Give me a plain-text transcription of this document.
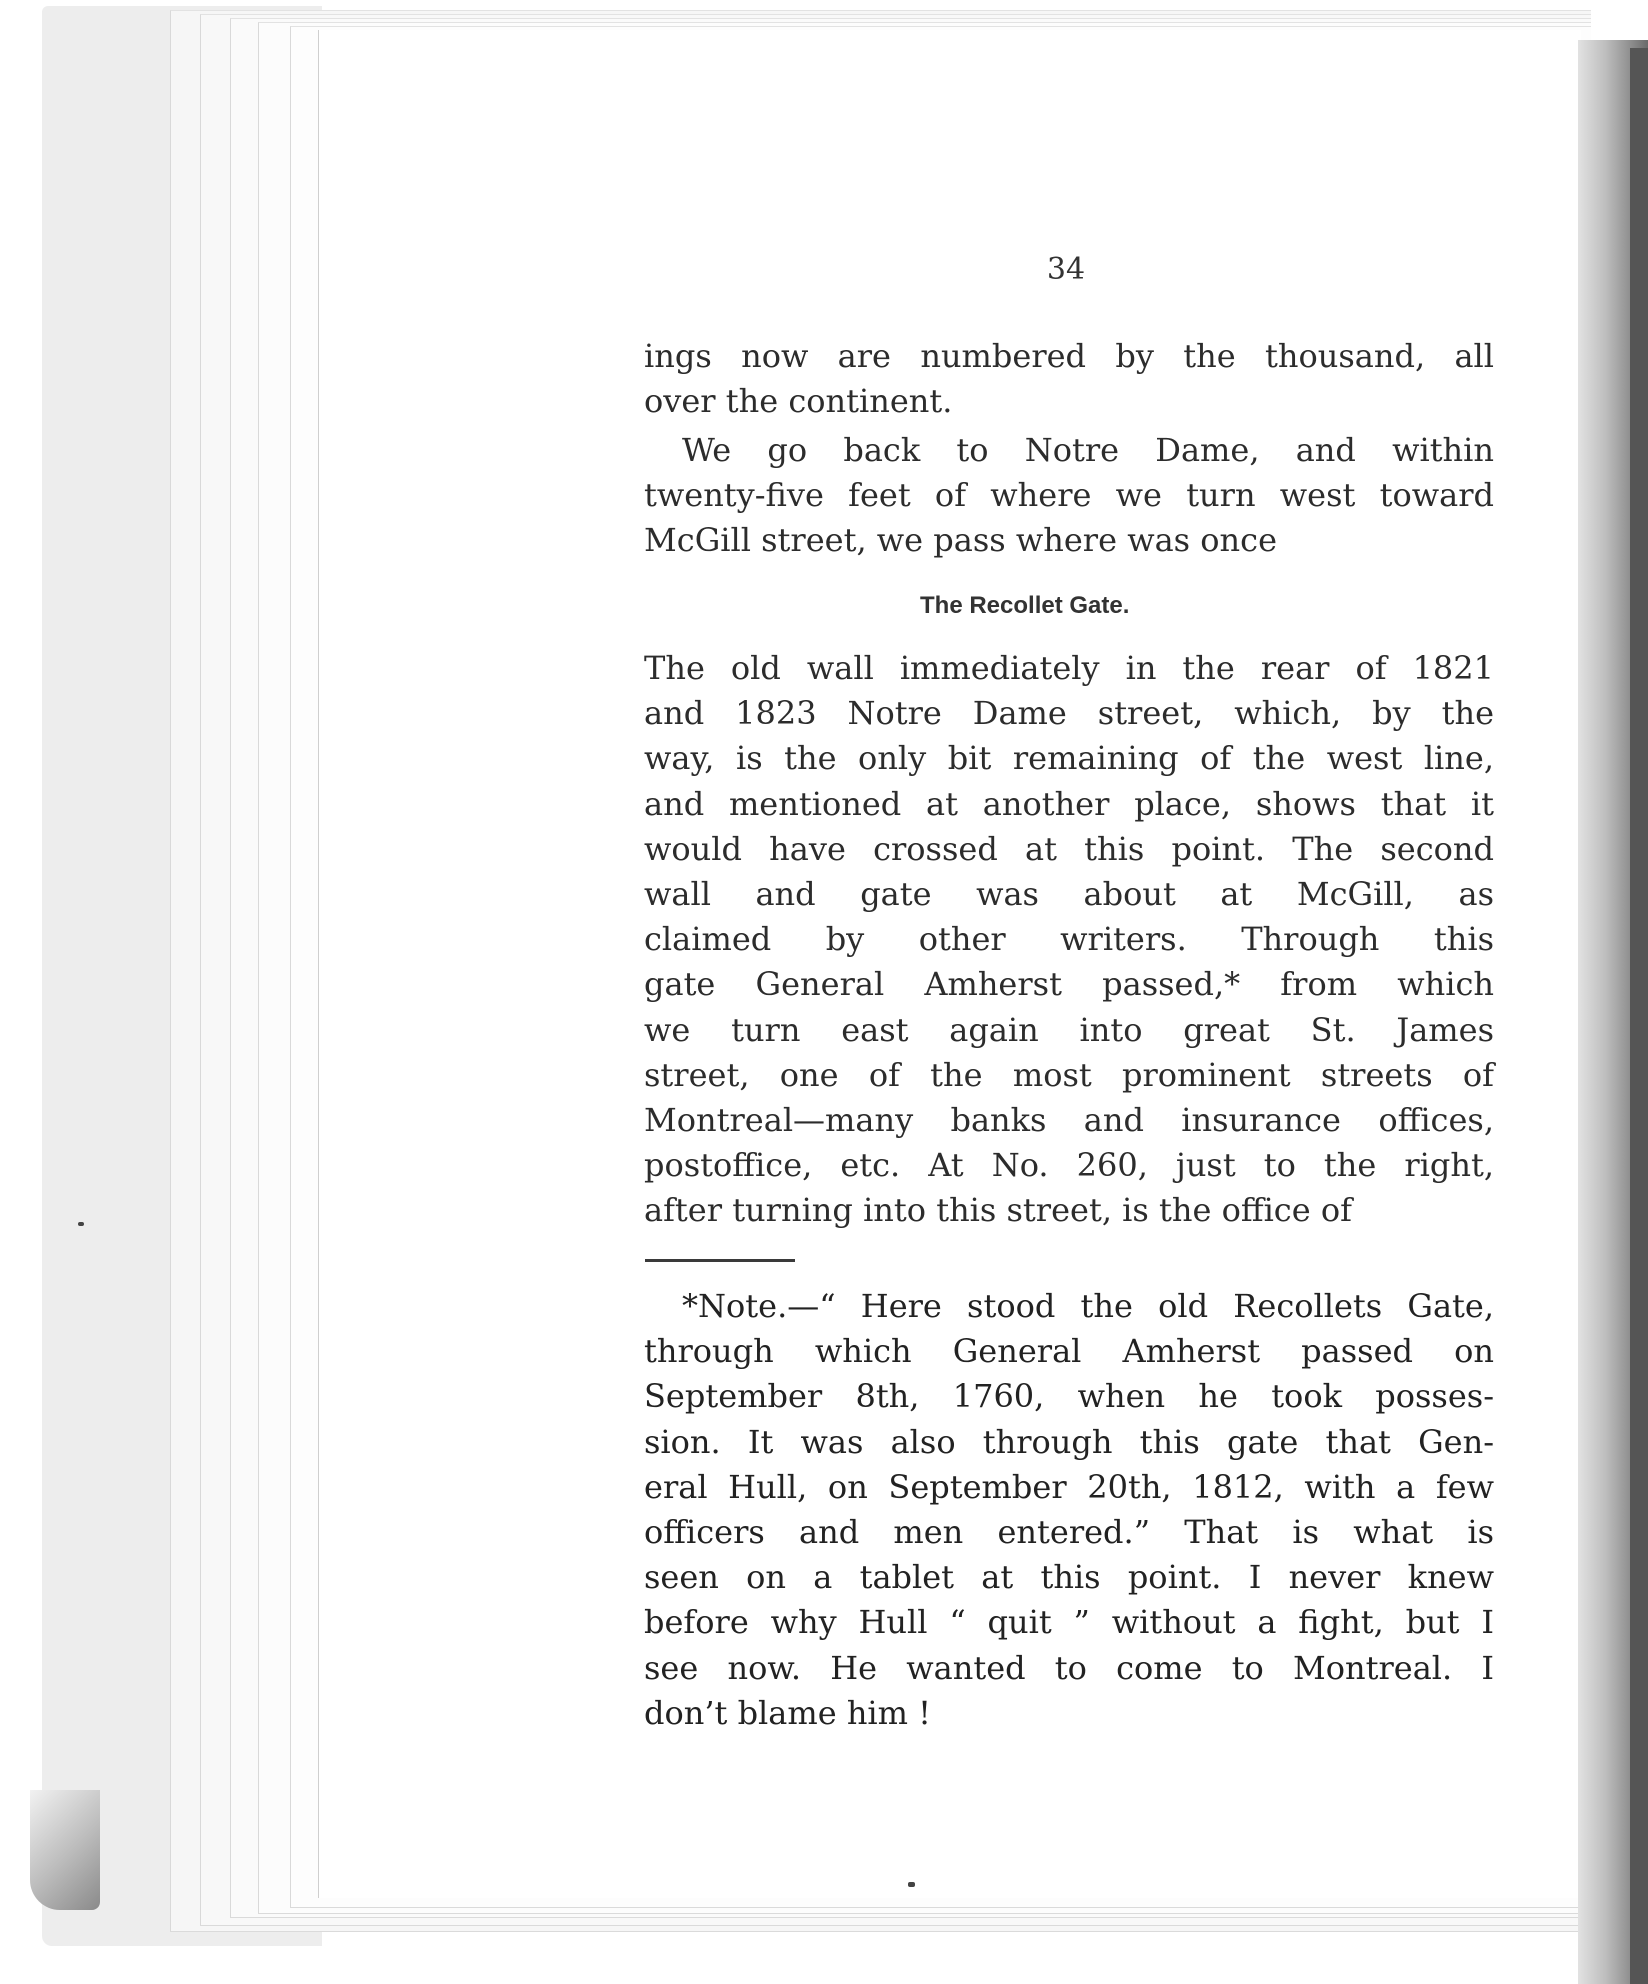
34
ings now are numbered by the thousand, all
over the continent.
We go back to Notre Dame, and within
twenty-five feet of where we turn west toward
McGill street, we pass where was once
The Recollet Gate.
The old wall immediately in the rear of 1821
and 1823 Notre Dame street, which, by the
way, is the only bit remaining of the west line,
and mentioned at another place, shows that it
would have crossed at this point. The second
wall and gate was about at McGill, as
claimed by other writers. Through this
gate General Amherst passed,* from which
we turn east again into great St. James
street, one of the most prominent streets of
Montreal—many banks and insurance offices,
postoffice, etc. At No. 260, just to the right,
after turning into this street, is the office of
*Note.—“ Here stood the old Recollets Gate,
through which General Amherst passed on
September 8th, 1760, when he took posses-
sion. It was also through this gate that Gen-
eral Hull, on September 20th, 1812, with a few
officers and men entered.” That is what is
seen on a tablet at this point. I never knew
before why Hull “ quit ” without a fight, but I
see now. He wanted to come to Montreal. I
don’t blame him !
